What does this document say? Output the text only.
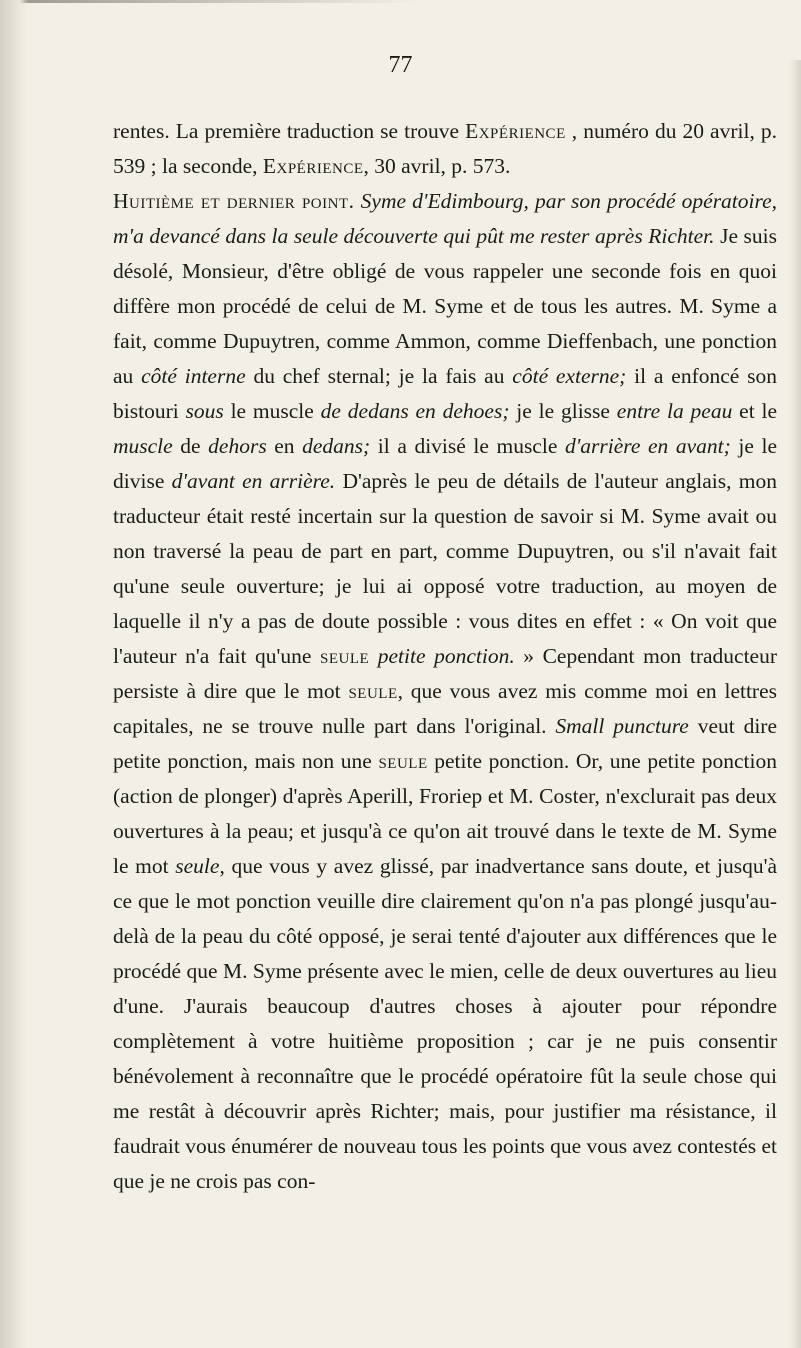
77

rentes. La première traduction se trouve Expérience , numéro du 20 avril, p. 539 ; la seconde, Expérience, 30 avril, p. 573.
Huitième et dernier point. Syme d'Edimbourg, par son procédé opératoire, m'a devancé dans la seule découverte qui pût me rester après Richter. Je suis désolé, Monsieur, d'être obligé de vous rappeler une seconde fois en quoi diffère mon procédé de celui de M. Syme et de tous les autres. M. Syme a fait, comme Dupuytren, comme Ammon, comme Dieffenbach, une ponction au côté interne du chef sternal; je la fais au côté externe; il a enfoncé son bistouri sous le muscle de dedans en dehoes; je le glisse entre la peau et le muscle de dehors en dedans; il a divisé le muscle d'arrière en avant; je le divise d'avant en arrière. D'après le peu de détails de l'auteur anglais, mon traducteur était resté incertain sur la question de savoir si M. Syme avait ou non traversé la peau de part en part, comme Dupuytren, ou s'il n'avait fait qu'une seule ouverture; je lui ai opposé votre traduction, au moyen de laquelle il n'y a pas de doute possible : vous dites en effet : « On voit que l'auteur n'a fait qu'une seule petite ponction. » Cependant mon traducteur persiste à dire que le mot seule, que vous avez mis comme moi en lettres capitales, ne se trouve nulle part dans l'original. Small puncture veut dire petite ponction, mais non une seule petite ponction. Or, une petite ponction (action de plonger) d'après Aperill, Froriep et M. Coster, n'exclurait pas deux ouvertures à la peau; et jusqu'à ce qu'on ait trouvé dans le texte de M. Syme le mot seule, que vous y avez glissé, par inadvertance sans doute, et jusqu'à ce que le mot ponction veuille dire clairement qu'on n'a pas plongé jusqu'au-delà de la peau du côté opposé, je serai tenté d'ajouter aux différences que le procédé que M. Syme présente avec le mien, celle de deux ouvertures au lieu d'une. J'aurais beaucoup d'autres choses à ajouter pour répondre complètement à votre huitième proposition ; car je ne puis consentir bénévolement à reconnaître que le procédé opératoire fût la seule chose qui me restât à découvrir après Richter; mais, pour justifier ma résistance, il faudrait vous énumérer de nouveau tous les points que vous avez contestés et que je ne crois pas con-
